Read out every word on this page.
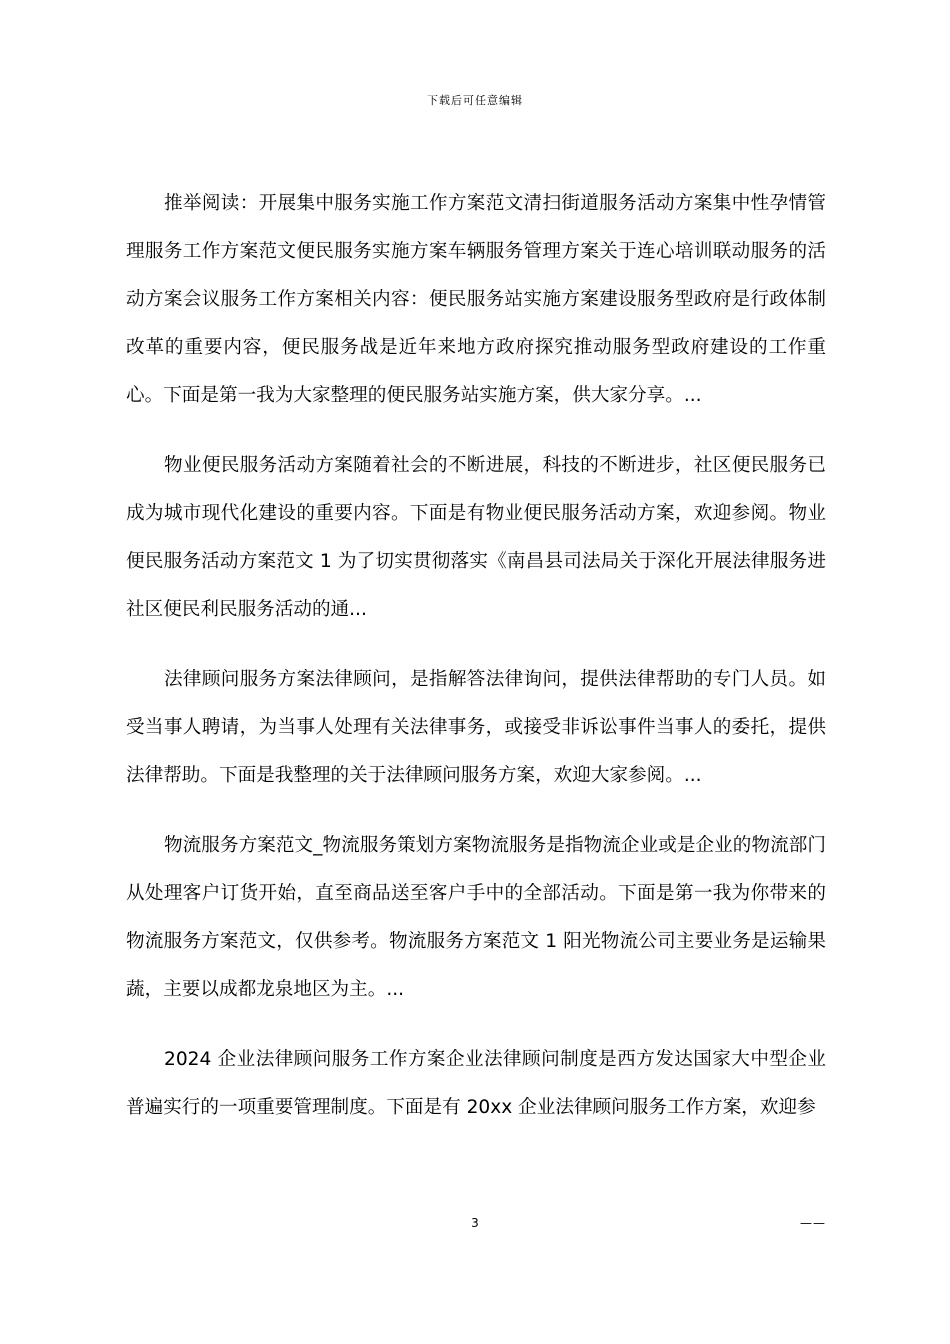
下载后可任意编辑

推举阅读：开展集中服务实施工作方案范文清扫街道服务活动方案集中性孕情管理服务工作方案范文便民服务实施方案车辆服务管理方案关于连心培训联动服务的活动方案会议服务工作方案相关内容：便民服务站实施方案建设服务型政府是行政体制改革的重要内容，便民服务战是近年来地方政府探究推动服务型政府建设的工作重心。下面是第一我为大家整理的便民服务站实施方案，供大家分享。...

物业便民服务活动方案随着社会的不断进展，科技的不断进步，社区便民服务已成为城市现代化建设的重要内容。下面是有物业便民服务活动方案，欢迎参阅。物业便民服务活动方案范文 1 为了切实贯彻落实《南昌县司法局关于深化开展法律服务进社区便民利民服务活动的通...

法律顾问服务方案法律顾问，是指解答法律询问，提供法律帮助的专门人员。如受当事人聘请，为当事人处理有关法律事务，或接受非诉讼事件当事人的委托，提供法律帮助。下面是我整理的关于法律顾问服务方案，欢迎大家参阅。...

物流服务方案范文_物流服务策划方案物流服务是指物流企业或是企业的物流部门从处理客户订货开始，直至商品送至客户手中的全部活动。下面是第一我为你带来的物流服务方案范文，仅供参考。物流服务方案范文 1 阳光物流公司主要业务是运输果蔬，主要以成都龙泉地区为主。...

2024 企业法律顾问服务工作方案企业法律顾问制度是西方发达国家大中型企业普遍实行的一项重要管理制度。下面是有 20xx 企业法律顾问服务工作方案，欢迎参

3	——
